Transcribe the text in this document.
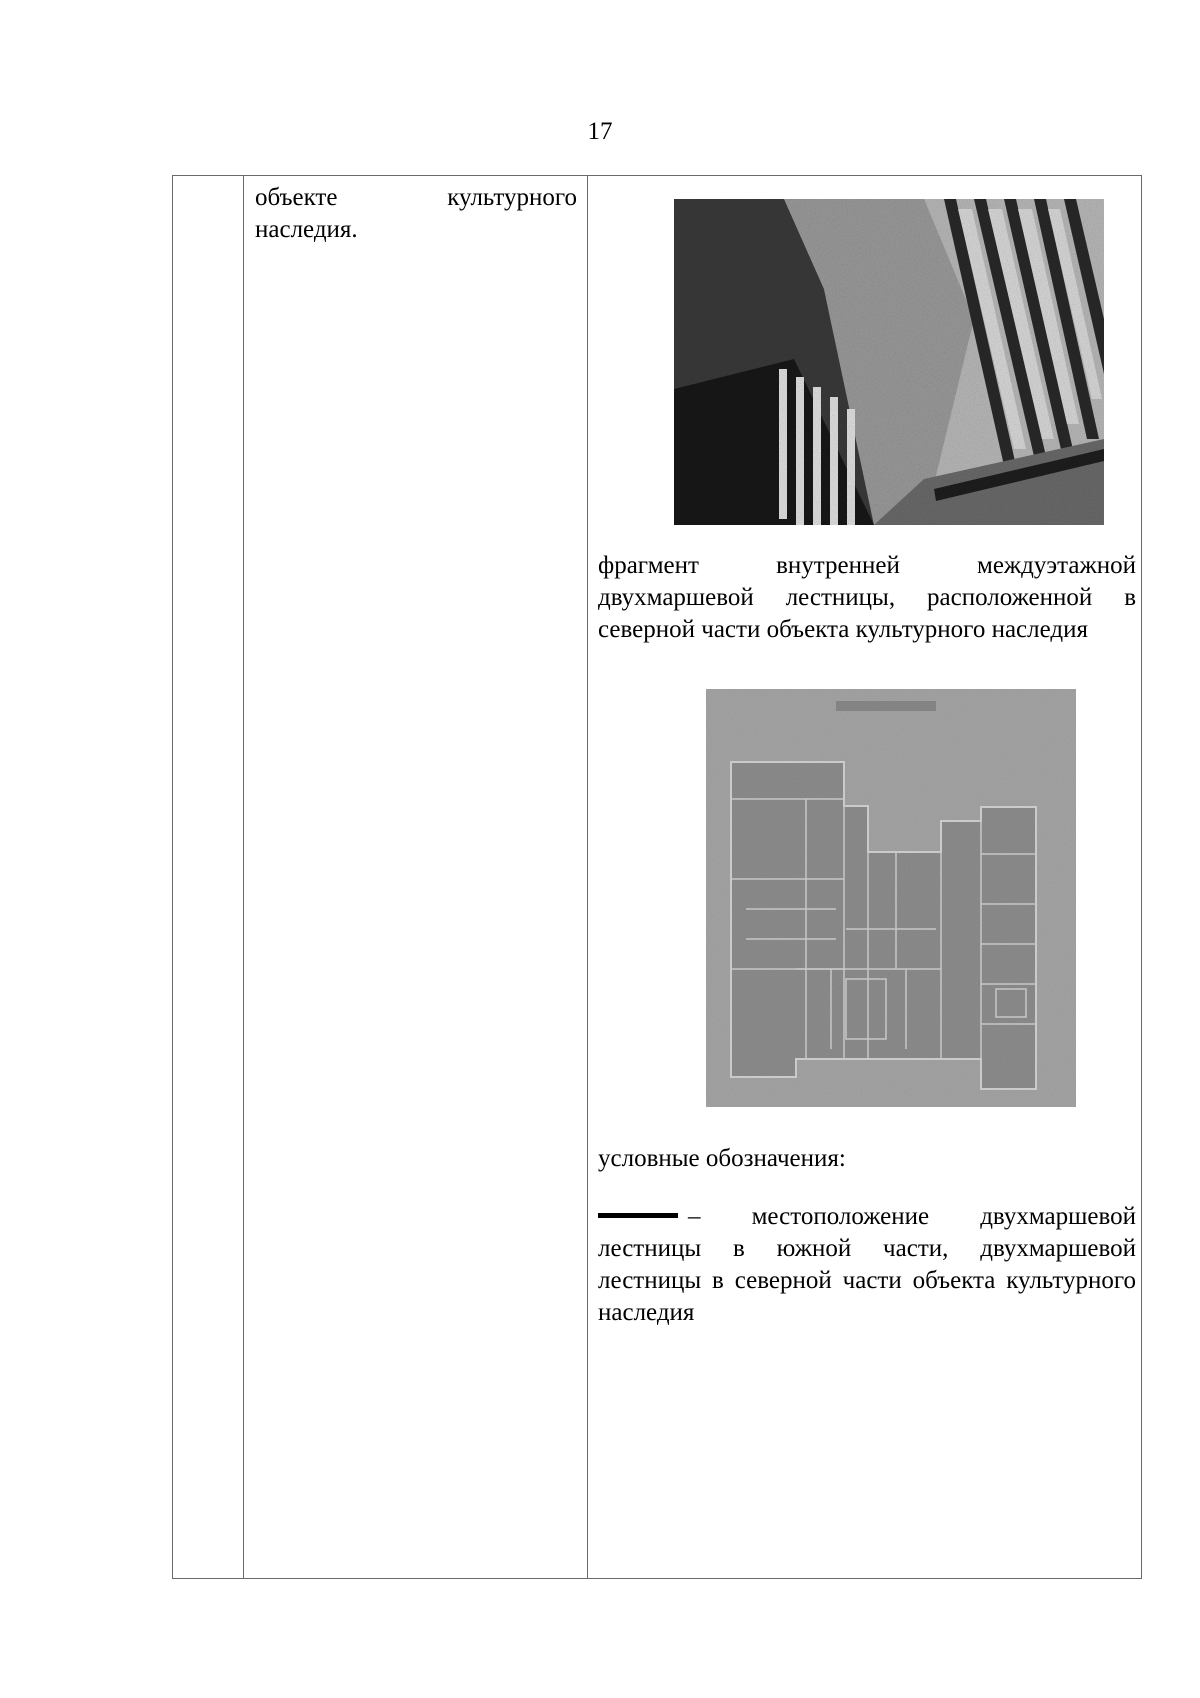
17
объекте	культурного
наследия.
фрагмент внутренней междуэтажной двухмаршевой лестницы, расположенной в северной части объекта культурного наследия
условные обозначения:
– местоположение двухмаршевой лестницы в южной части, двухмаршевой лестницы в северной части объекта культурного наследия
